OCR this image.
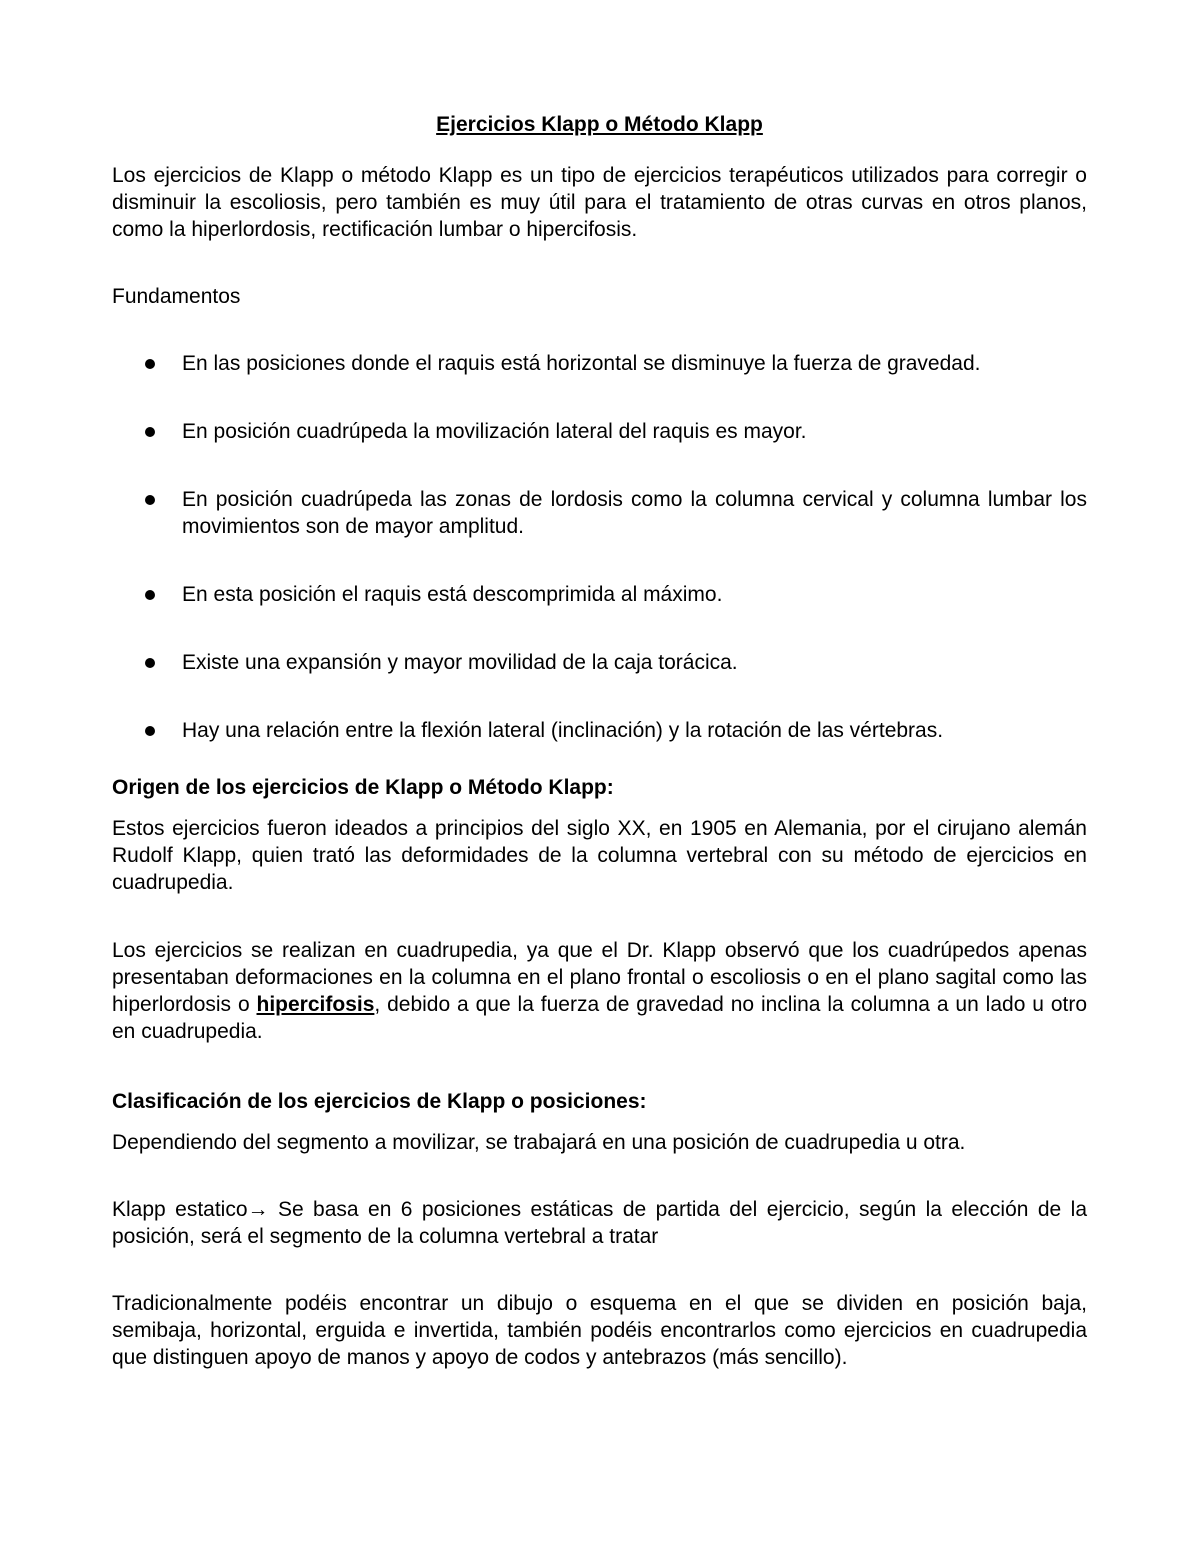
Ejercicios Klapp o Método Klapp

Los ejercicios de Klapp o método Klapp es un tipo de ejercicios terapéuticos utilizados para corregir o disminuir la escoliosis, pero también es muy útil para el tratamiento de otras curvas en otros planos, como la hiperlordosis, rectificación lumbar o hipercifosis.

Fundamentos

En las posiciones donde el raquis está horizontal se disminuye la fuerza de gravedad.
En posición cuadrúpeda la movilización lateral del raquis es mayor.
En posición cuadrúpeda las zonas de lordosis como la columna cervical y columna lumbar los movimientos son de mayor amplitud.
En esta posición el raquis está descomprimida al máximo.
Existe una expansión y mayor movilidad de la caja torácica.
Hay una relación entre la flexión lateral (inclinación) y la rotación de las vértebras.
Origen de los ejercicios de Klapp o Método Klapp:

Estos ejercicios fueron ideados a principios del siglo XX, en 1905 en Alemania, por el cirujano alemán Rudolf Klapp, quien trató las deformidades de la columna vertebral con su método de ejercicios en cuadrupedia.

Los ejercicios se realizan en cuadrupedia, ya que el Dr. Klapp observó que los cuadrúpedos apenas presentaban deformaciones en la columna en el plano frontal o escoliosis o en el plano sagital como las hiperlordosis o hipercifosis, debido a que la fuerza de gravedad no inclina la columna a un lado u otro en cuadrupedia.

Clasificación de los ejercicios de Klapp o posiciones:

Dependiendo del segmento a movilizar, se trabajará en una posición de cuadrupedia u otra.

Klapp estatico→ Se basa en 6 posiciones estáticas de partida del ejercicio, según la elección de la posición, será el segmento de la columna vertebral a tratar

Tradicionalmente podéis encontrar un dibujo o esquema en el que se dividen en posición baja, semibaja, horizontal, erguida e invertida, también podéis encontrarlos como ejercicios en cuadrupedia que distinguen apoyo de manos y apoyo de codos y antebrazos (más sencillo).
